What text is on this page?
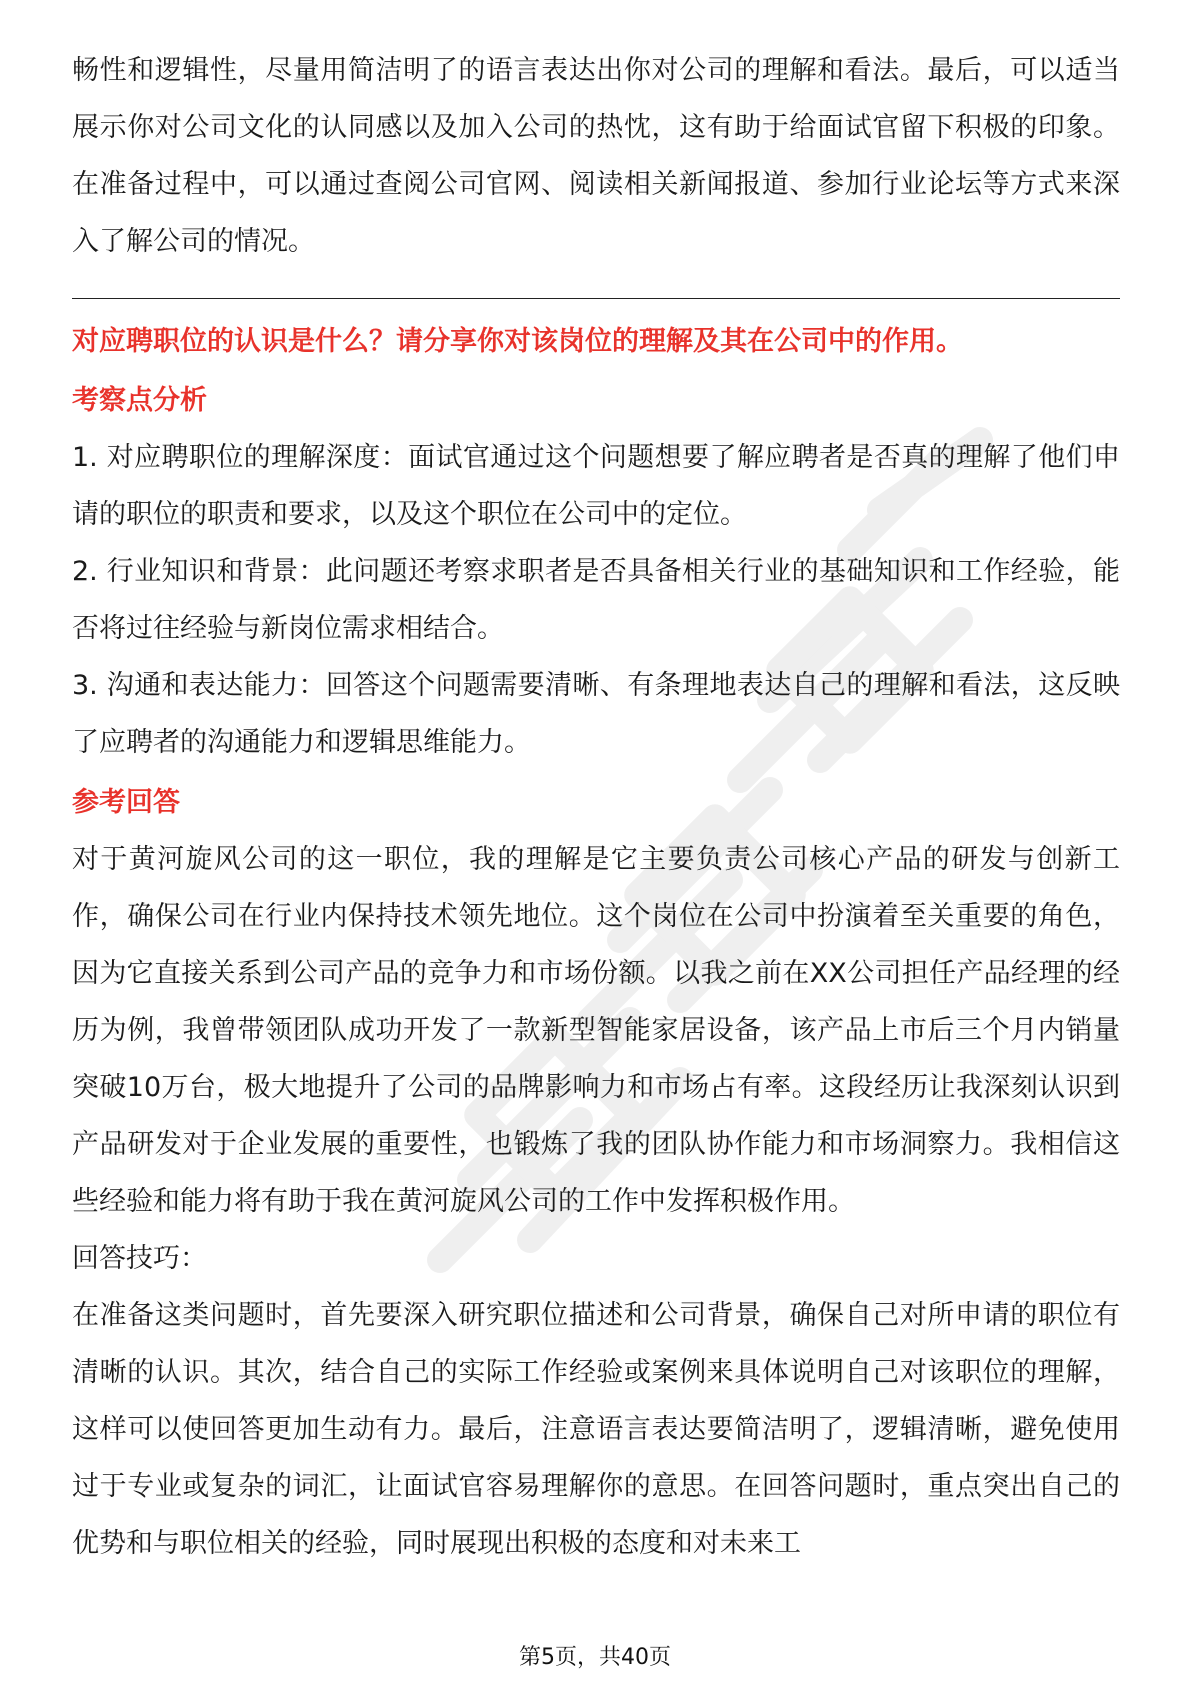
畅性和逻辑性，尽量用简洁明了的语言表达出你对公司的理解和看法。最后，可以适当展示你对公司文化的认同感以及加入公司的热忱，这有助于给面试官留下积极的印象。在准备过程中，可以通过查阅公司官网、阅读相关新闻报道、参加行业论坛等方式来深入了解公司的情况。

对应聘职位的认识是什么？请分享你对该岗位的理解及其在公司中的作用。

考察点分析

1. 对应聘职位的理解深度：面试官通过这个问题想要了解应聘者是否真的理解了他们申请的职位的职责和要求，以及这个职位在公司中的定位。

2. 行业知识和背景：此问题还考察求职者是否具备相关行业的基础知识和工作经验，能否将过往经验与新岗位需求相结合。

3. 沟通和表达能力：回答这个问题需要清晰、有条理地表达自己的理解和看法，这反映了应聘者的沟通能力和逻辑思维能力。

参考回答

对于黄河旋风公司的这一职位，我的理解是它主要负责公司核心产品的研发与创新工作，确保公司在行业内保持技术领先地位。这个岗位在公司中扮演着至关重要的角色，因为它直接关系到公司产品的竞争力和市场份额。以我之前在XX公司担任产品经理的经历为例，我曾带领团队成功开发了一款新型智能家居设备，该产品上市后三个月内销量突破10万台，极大地提升了公司的品牌影响力和市场占有率。这段经历让我深刻认识到产品研发对于企业发展的重要性，也锻炼了我的团队协作能力和市场洞察力。我相信这些经验和能力将有助于我在黄河旋风公司的工作中发挥积极作用。

回答技巧：

在准备这类问题时，首先要深入研究职位描述和公司背景，确保自己对所申请的职位有清晰的认识。其次，结合自己的实际工作经验或案例来具体说明自己对该职位的理解，这样可以使回答更加生动有力。最后，注意语言表达要简洁明了，逻辑清晰，避免使用过于专业或复杂的词汇，让面试官容易理解你的意思。在回答问题时，重点突出自己的优势和与职位相关的经验，同时展现出积极的态度和对未来工

第5页，共40页
